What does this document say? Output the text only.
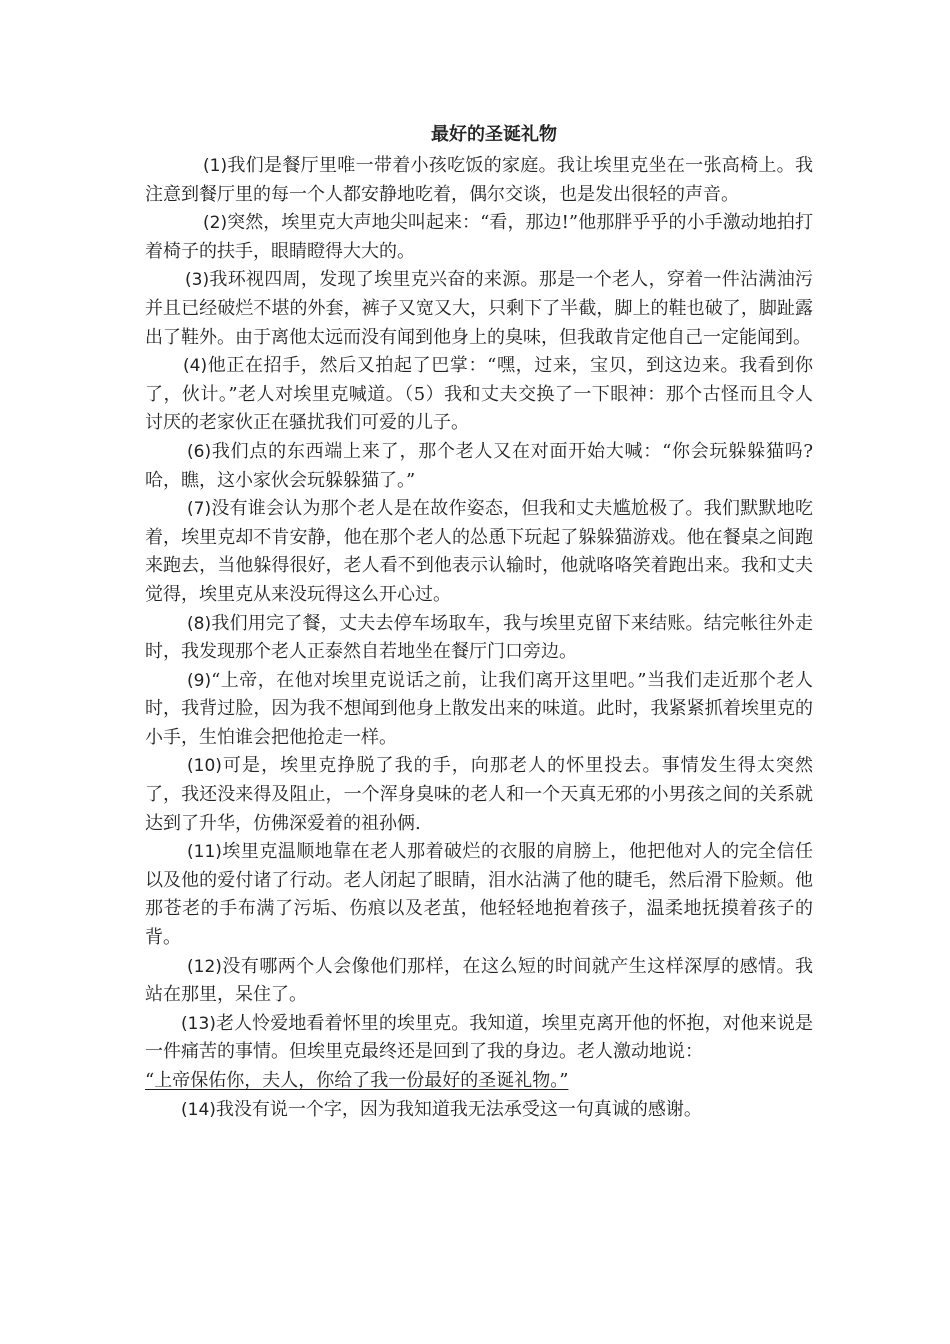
最好的圣诞礼物

(1)我们是餐厅里唯一带着小孩吃饭的家庭。我让埃里克坐在一张高椅上。我注意到餐厅里的每一个人都安静地吃着，偶尔交谈，也是发出很轻的声音。

(2)突然，埃里克大声地尖叫起来：“看，那边!”他那胖乎乎的小手激动地拍打着椅子的扶手，眼睛瞪得大大的。

(3)我环视四周，发现了埃里克兴奋的来源。那是一个老人，穿着一件沾满油污并且已经破烂不堪的外套，裤子又宽又大，只剩下了半截，脚上的鞋也破了，脚趾露出了鞋外。由于离他太远而没有闻到他身上的臭味，但我敢肯定他自己一定能闻到。

(4)他正在招手，然后又拍起了巴掌：“嘿，过来，宝贝，到这边来。我看到你了，伙计。”老人对埃里克喊道。（5）我和丈夫交换了一下眼神：那个古怪而且令人讨厌的老家伙正在骚扰我们可爱的儿子。

(6)我们点的东西端上来了，那个老人又在对面开始大喊：“你会玩躲躲猫吗?哈，瞧，这小家伙会玩躲躲猫了。”

(7)没有谁会认为那个老人是在故作姿态，但我和丈夫尴尬极了。我们默默地吃着，埃里克却不肯安静，他在那个老人的怂恿下玩起了躲躲猫游戏。他在餐桌之间跑来跑去，当他躲得很好，老人看不到他表示认输时，他就咯咯笑着跑出来。我和丈夫觉得，埃里克从来没玩得这么开心过。

(8)我们用完了餐，丈夫去停车场取车，我与埃里克留下来结账。结完帐往外走时，我发现那个老人正泰然自若地坐在餐厅门口旁边。

(9)“上帝，在他对埃里克说话之前，让我们离开这里吧。”当我们走近那个老人时，我背过脸，因为我不想闻到他身上散发出来的味道。此时，我紧紧抓着埃里克的小手，生怕谁会把他抢走一样。

(10)可是，埃里克挣脱了我的手，向那老人的怀里投去。事情发生得太突然了，我还没来得及阻止，一个浑身臭味的老人和一个天真无邪的小男孩之间的关系就达到了升华，仿佛深爱着的祖孙俩.

(11)埃里克温顺地靠在老人那着破烂的衣服的肩膀上，他把他对人的完全信任以及他的爱付诸了行动。老人闭起了眼睛，泪水沾满了他的睫毛，然后滑下脸颊。他那苍老的手布满了污垢、伤痕以及老茧，他轻轻地抱着孩子，温柔地抚摸着孩子的背。

(12)没有哪两个人会像他们那样，在这么短的时间就产生这样深厚的感情。我站在那里，呆住了。

(13)老人怜爱地看着怀里的埃里克。我知道，埃里克离开他的怀抱，对他来说是一件痛苦的事情。但埃里克最终还是回到了我的身边。老人激动地说：
“上帝保佑你，夫人，你给了我一份最好的圣诞礼物。”

(14)我没有说一个字，因为我知道我无法承受这一句真诚的感谢。
